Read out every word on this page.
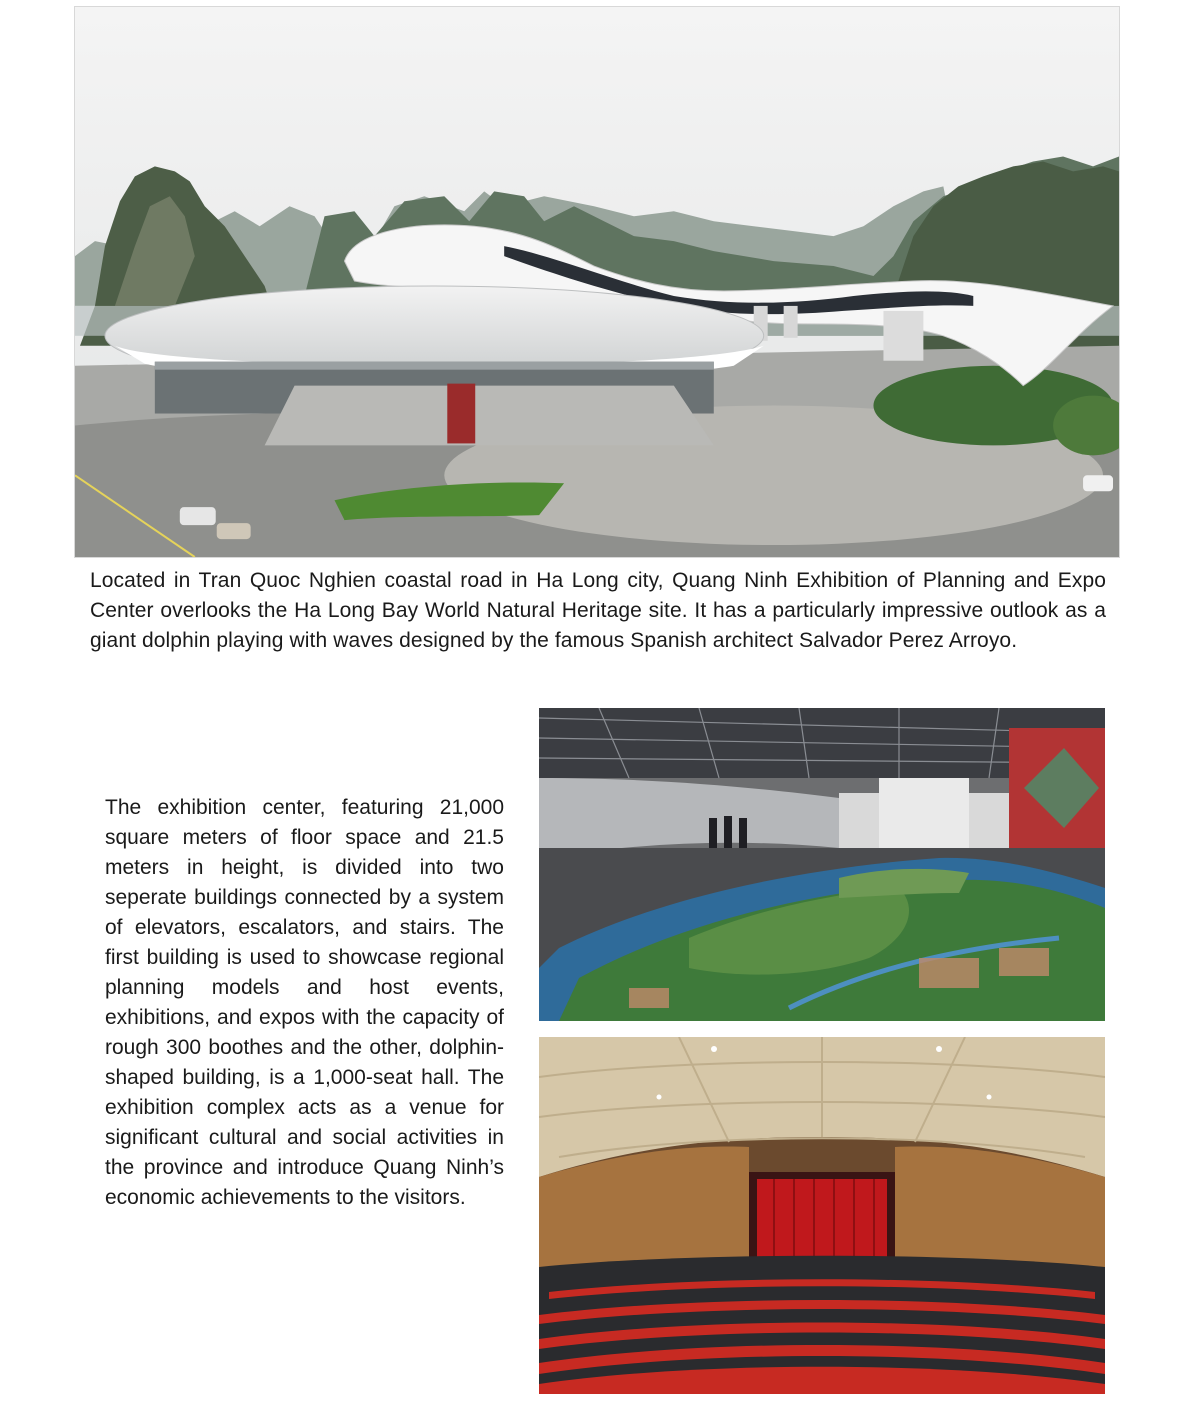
Located in Tran Quoc Nghien coastal road in Ha Long city, Quang Ninh Exhibition of Planning and Expo Center overlooks the Ha Long Bay World Natural Heritage site. It has a particularly impressive outlook as a giant dolphin playing with waves designed by the famous Spanish architect Salvador Perez Arroyo.

The exhibition center, featuring 21,000 square meters of floor space and 21.5 meters in height, is divided into two seperate buildings connected by a system of elevators, escalators, and stairs. The first building is used to showcase regional planning models and host events, exhibitions, and expos with the capacity of rough 300 boothes and the other, dolphin-shaped building, is a 1,000-seat hall. The exhibition complex acts as a venue for significant cultural and social activities in the province and introduce Quang Ninh’s economic achievements to the visitors.
